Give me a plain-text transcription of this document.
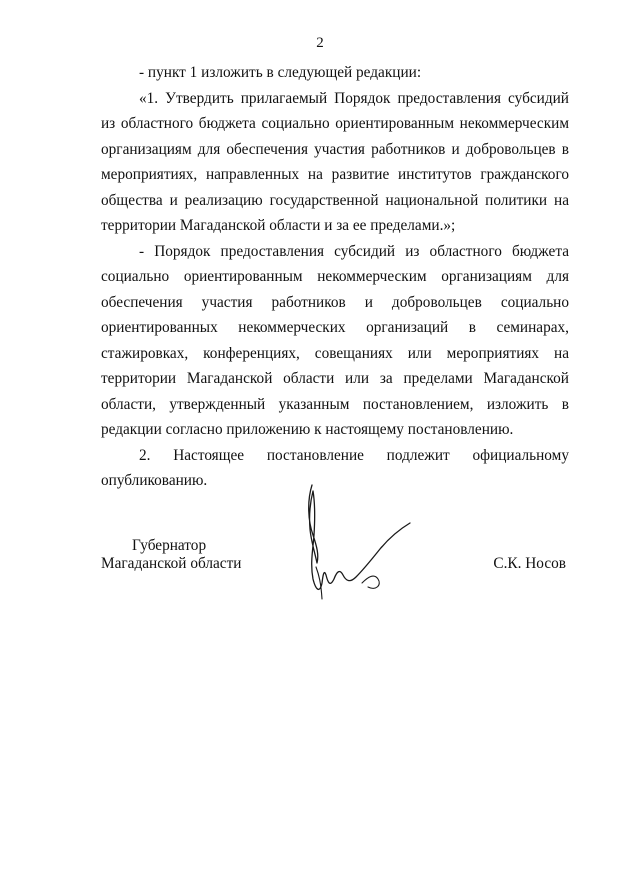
2

- пункт 1 изложить в следующей редакции:

«1. Утвердить прилагаемый Порядок предоставления субсидий из областного бюджета социально ориентированным некоммерческим организациям для обеспечения участия работников и добровольцев в мероприятиях, направленных на развитие институтов гражданского общества и реализацию государственной национальной политики на территории Магаданской области и за ее пределами.»;

- Порядок предоставления субсидий из областного бюджета социально ориентированным некоммерческим организациям для обеспечения участия работников и добровольцев социально ориентированных некоммерческих организаций в семинарах, стажировках, конференциях, совещаниях или мероприятиях на территории Магаданской области или за пределами Магаданской области, утвержденный указанным постановлением, изложить в редакции согласно приложению к настоящему постановлению.

2. Настоящее постановление подлежит официальному опубликованию.

Губернатор
Магаданской области	С.К. Носов
